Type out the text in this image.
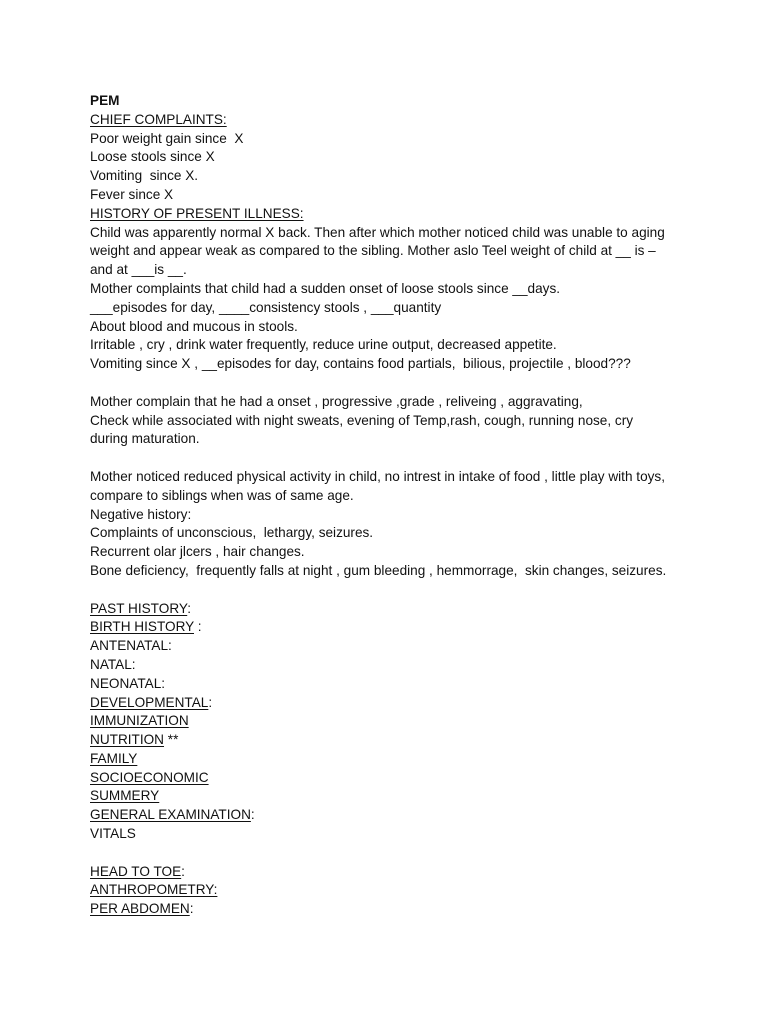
PEM

CHIEF COMPLAINTS:

Poor weight gain since  X

Loose stools since X

Vomiting  since X.

Fever since X

HISTORY OF PRESENT ILLNESS:

Child was apparently normal X back. Then after which mother noticed child was unable to aging

weight and appear weak as compared to the sibling. Mother aslo Teel weight of child at __ is –

and at ___is __.

Mother complaints that child had a sudden onset of loose stools since __days.

___episodes for day, ____consistency stools , ___quantity

About blood and mucous in stools.

Irritable , cry , drink water frequently, reduce urine output, decreased appetite.

Vomiting since X , __episodes for day, contains food partials,  bilious, projectile , blood???

Mother complain that he had a onset , progressive ,grade , reliveing , aggravating,

Check while associated with night sweats, evening of Temp,rash, cough, running nose, cry

during maturation.

Mother noticed reduced physical activity in child, no intrest in intake of food , little play with toys,

compare to siblings when was of same age.

Negative history:

Complaints of unconscious,  lethargy, seizures.

Recurrent olar jlcers , hair changes.

Bone deficiency,  frequently falls at night , gum bleeding , hemmorrage,  skin changes, seizures.

PAST HISTORY:

BIRTH HISTORY :

ANTENATAL:

NATAL:

NEONATAL:

DEVELOPMENTAL:

IMMUNIZATION

NUTRITION **

FAMILY

SOCIOECONOMIC

SUMMERY

GENERAL EXAMINATION:

VITALS

HEAD TO TOE:

ANTHROPOMETRY:

PER ABDOMEN:
